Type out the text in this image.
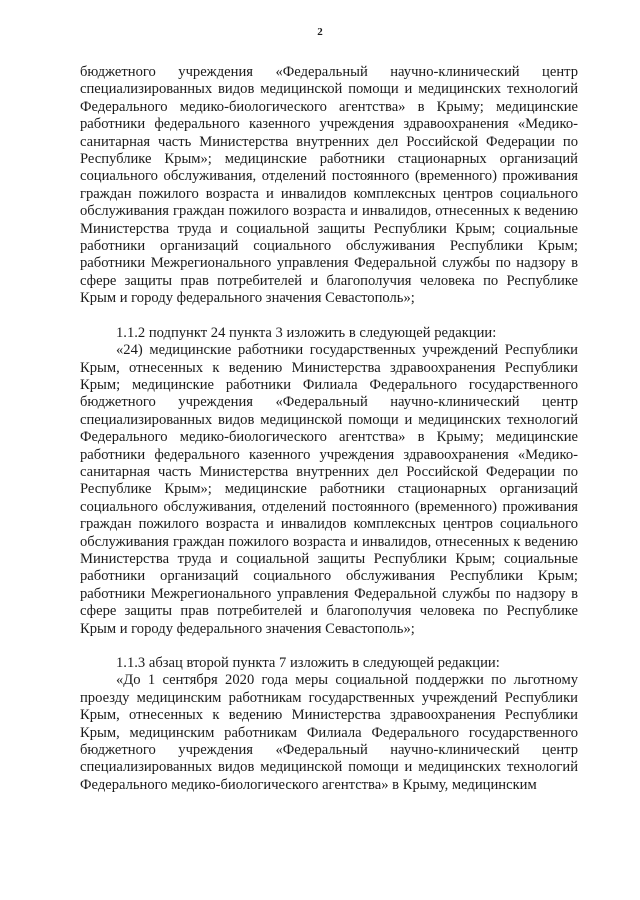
2

бюджетного учреждения «Федеральный научно-клинический центр специализированных видов медицинской помощи и медицинских технологий Федерального медико-биологического агентства» в Крыму; медицинские работники федерального казенного учреждения здравоохранения «Медико-санитарная часть Министерства внутренних дел Российской Федерации по Республике Крым»; медицинские работники стационарных организаций социального обслуживания, отделений постоянного (временного) проживания граждан пожилого возраста и инвалидов комплексных центров социального обслуживания граждан пожилого возраста и инвалидов, отнесенных к ведению Министерства труда и социальной защиты Республики Крым; социальные работники организаций социального обслуживания Республики Крым; работники Межрегионального управления Федеральной службы по надзору в сфере защиты прав потребителей и благополучия человека по Республике Крым и городу федерального значения Севастополь»;

1.1.2 подпункт 24 пункта 3 изложить в следующей редакции:

«24) медицинские работники государственных учреждений Республики Крым, отнесенных к ведению Министерства здравоохранения Республики Крым; медицинские работники Филиала Федерального государственного бюджетного учреждения «Федеральный научно-клинический центр специализированных видов медицинской помощи и медицинских технологий Федерального медико-биологического агентства» в Крыму; медицинские работники федерального казенного учреждения здравоохранения «Медико-санитарная часть Министерства внутренних дел Российской Федерации по Республике Крым»; медицинские работники стационарных организаций социального обслуживания, отделений постоянного (временного) проживания граждан пожилого возраста и инвалидов комплексных центров социального обслуживания граждан пожилого возраста и инвалидов, отнесенных к ведению Министерства труда и социальной защиты Республики Крым; социальные работники организаций социального обслуживания Республики Крым; работники Межрегионального управления Федеральной службы по надзору в сфере защиты прав потребителей и благополучия человека по Республике Крым и городу федерального значения Севастополь»;

1.1.3 абзац второй пункта 7 изложить в следующей редакции:

«До 1 сентября 2020 года меры социальной поддержки по льготному проезду медицинским работникам государственных учреждений Республики Крым, отнесенных к ведению Министерства здравоохранения Республики Крым, медицинским работникам Филиала Федерального государственного бюджетного учреждения «Федеральный научно-клинический центр специализированных видов медицинской помощи и медицинских технологий Федерального медико-биологического агентства» в Крыму, медицинским
